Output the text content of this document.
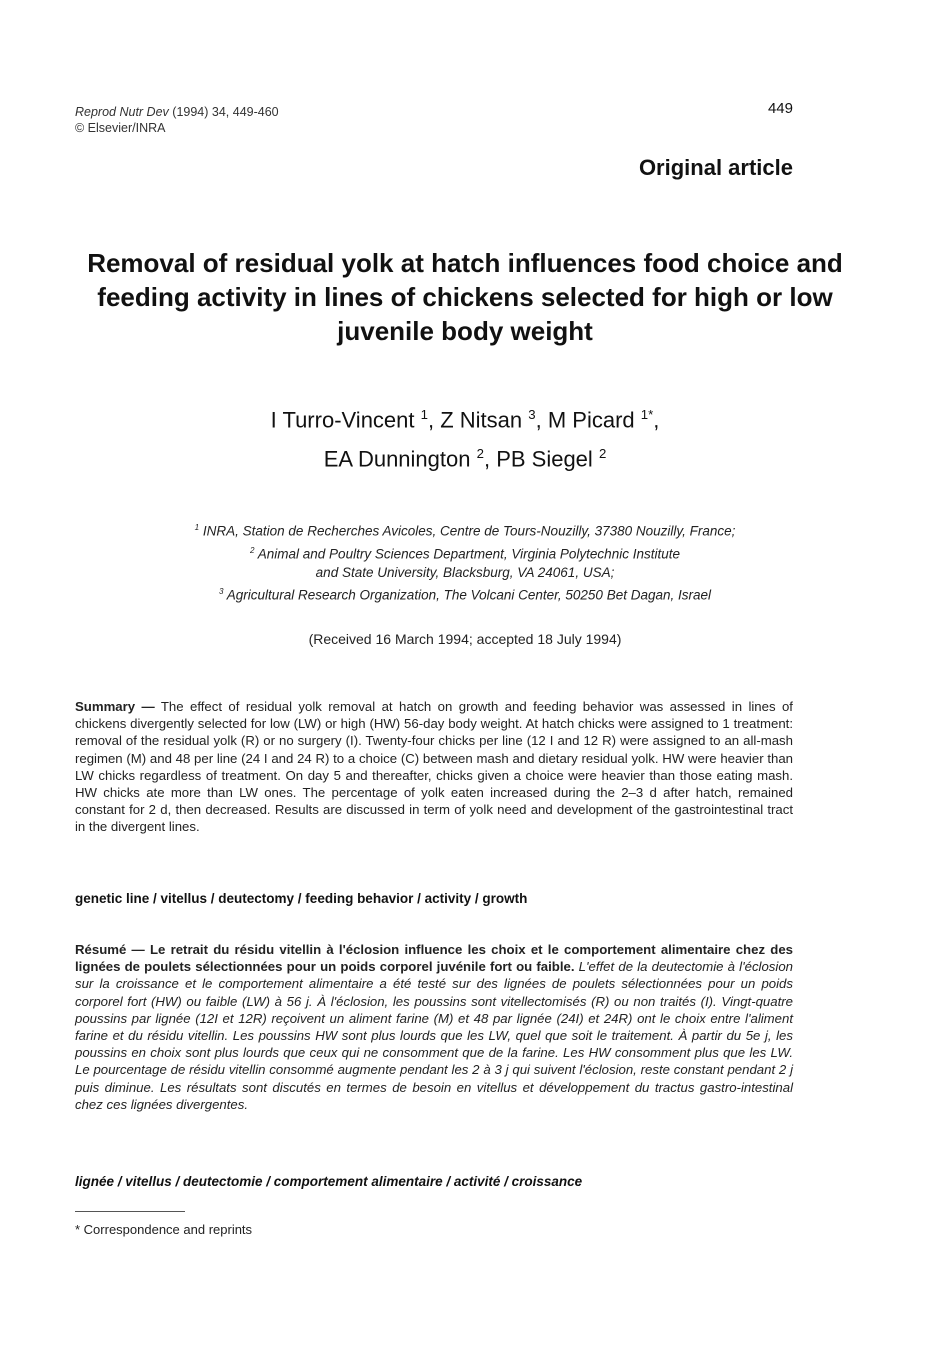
Reprod Nutr Dev (1994) 34, 449-460
© Elsevier/INRA
449
Original article
Removal of residual yolk at hatch influences food choice and feeding activity in lines of chickens selected for high or low juvenile body weight
I Turro-Vincent $^1$, Z Nitsan $^3$, M Picard $^{1*}$,
EA Dunnington $^2$, PB Siegel $^2$
$^1$ INRA, Station de Recherches Avicoles, Centre de Tours-Nouzilly, 37380 Nouzilly, France;
$^2$ Animal and Poultry Sciences Department, Virginia Polytechnic Institute
and State University, Blacksburg, VA 24061, USA;
$^3$ Agricultural Research Organization, The Volcani Center, 50250 Bet Dagan, Israel
(Received 16 March 1994; accepted 18 July 1994)
Summary — The effect of residual yolk removal at hatch on growth and feeding behavior was assessed in lines of chickens divergently selected for low (LW) or high (HW) 56-day body weight. At hatch chicks were assigned to 1 treatment: removal of the residual yolk (R) or no surgery (I). Twenty-four chicks per line (12 I and 12 R) were assigned to an all-mash regimen (M) and 48 per line (24 I and 24 R) to a choice (C) between mash and dietary residual yolk. HW were heavier than LW chicks regardless of treatment. On day 5 and thereafter, chicks given a choice were heavier than those eating mash. HW chicks ate more than LW ones. The percentage of yolk eaten increased during the 2–3 d after hatch, remained constant for 2 d, then decreased. Results are discussed in term of yolk need and development of the gastrointestinal tract in the divergent lines.
genetic line / vitellus / deutectomy / feeding behavior / activity / growth
Résumé — Le retrait du résidu vitellin à l'éclosion influence les choix et le comportement alimentaire chez des lignées de poulets sélectionnées pour un poids corporel juvénile fort ou faible. L'effet de la deutectomie à l'éclosion sur la croissance et le comportement alimentaire a été testé sur des lignées de poulets sélectionnées pour un poids corporel fort (HW) ou faible (LW) à 56 j. À l'éclosion, les poussins sont vitellectomisés (R) ou non traités (I). Vingt-quatre poussins par lignée (12I et 12R) reçoivent un aliment farine (M) et 48 par lignée (24I) et 24R) ont le choix entre l'aliment farine et du résidu vitellin. Les poussins HW sont plus lourds que les LW, quel que soit le traitement. À partir du 5e j, les poussins en choix sont plus lourds que ceux qui ne consomment que de la farine. Les HW consomment plus que les LW. Le pourcentage de résidu vitellin consommé augmente pendant les 2 à 3 j qui suivent l'éclosion, reste constant pendant 2 j puis diminue. Les résultats sont discutés en termes de besoin en vitellus et développement du tractus gastro-intestinal chez ces lignées divergentes.
lignée / vitellus / deutectomie / comportement alimentaire / activité / croissance
* Correspondence and reprints
